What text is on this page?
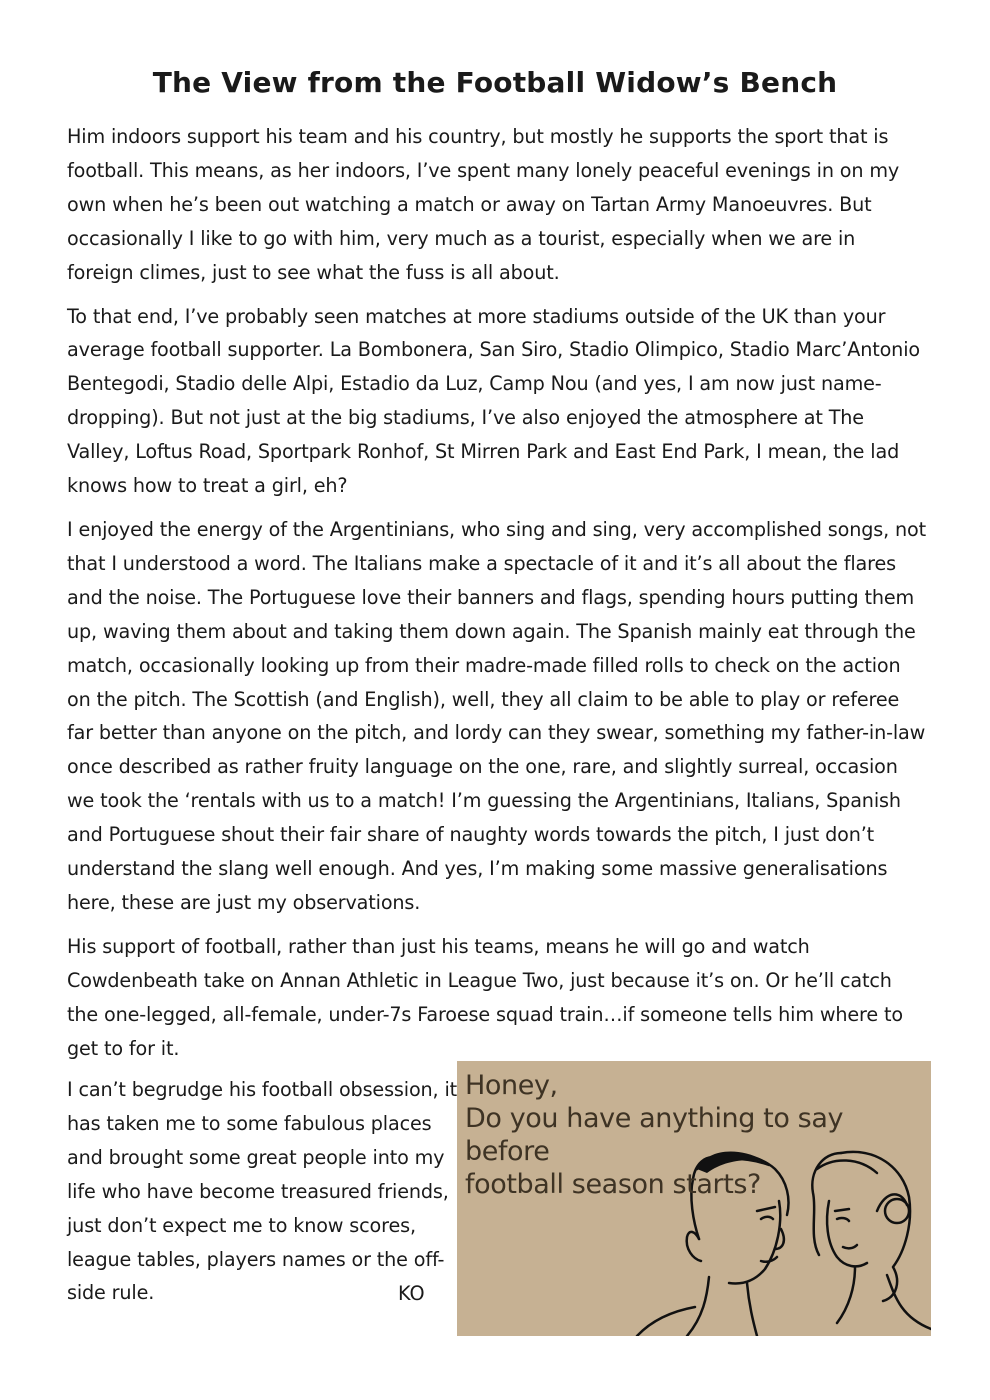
The View from the Football Widow’s Bench

Him indoors support his team and his country, but mostly he supports the sport that is football. This means, as her indoors, I’ve spent many lonely peaceful evenings in on my own when he’s been out watching a match or away on Tartan Army Manoeuvres. But occasionally I like to go with him, very much as a tourist, especially when we are in foreign climes, just to see what the fuss is all about.

To that end, I’ve probably seen matches at more stadiums outside of the UK than your average football supporter. La Bombonera, San Siro, Stadio Olimpico, Stadio Marc’Antonio Bentegodi, Stadio delle Alpi, Estadio da Luz, Camp Nou (and yes, I am now just name-dropping). But not just at the big stadiums, I’ve also enjoyed the atmosphere at The Valley, Loftus Road, Sportpark Ronhof, St Mirren Park and East End Park, I mean, the lad knows how to treat a girl, eh?

I enjoyed the energy of the Argentinians, who sing and sing, very accomplished songs, not that I understood a word. The Italians make a spectacle of it and it’s all about the flares and the noise. The Portuguese love their banners and flags, spending hours putting them up, waving them about and taking them down again. The Spanish mainly eat through the match, occasionally looking up from their madre-made filled rolls to check on the action on the pitch. The Scottish (and English), well, they all claim to be able to play or referee far better than anyone on the pitch, and lordy can they swear, something my father-in-law once described as rather fruity language on the one, rare, and slightly surreal, occasion we took the ‘rentals with us to a match! I’m guessing the Argentinians, Italians, Spanish and Portuguese shout their fair share of naughty words towards the pitch, I just don’t understand the slang well enough. And yes, I’m making some massive generalisations here, these are just my observations.

His support of football, rather than just his teams, means he will go and watch Cowdenbeath take on Annan Athletic in League Two, just because it’s on. Or he’ll catch the one-legged, all-female, under-7s Faroese squad train…if someone tells him where to get to for it.

I can’t begrudge his football obsession, it has taken me to some fabulous places and brought some great people into my life who have become treasured friends, just don’t expect me to know scores, league tables, players names or the off-side rule.	KO

Honey,
Do you have anything to say before
football season starts?
